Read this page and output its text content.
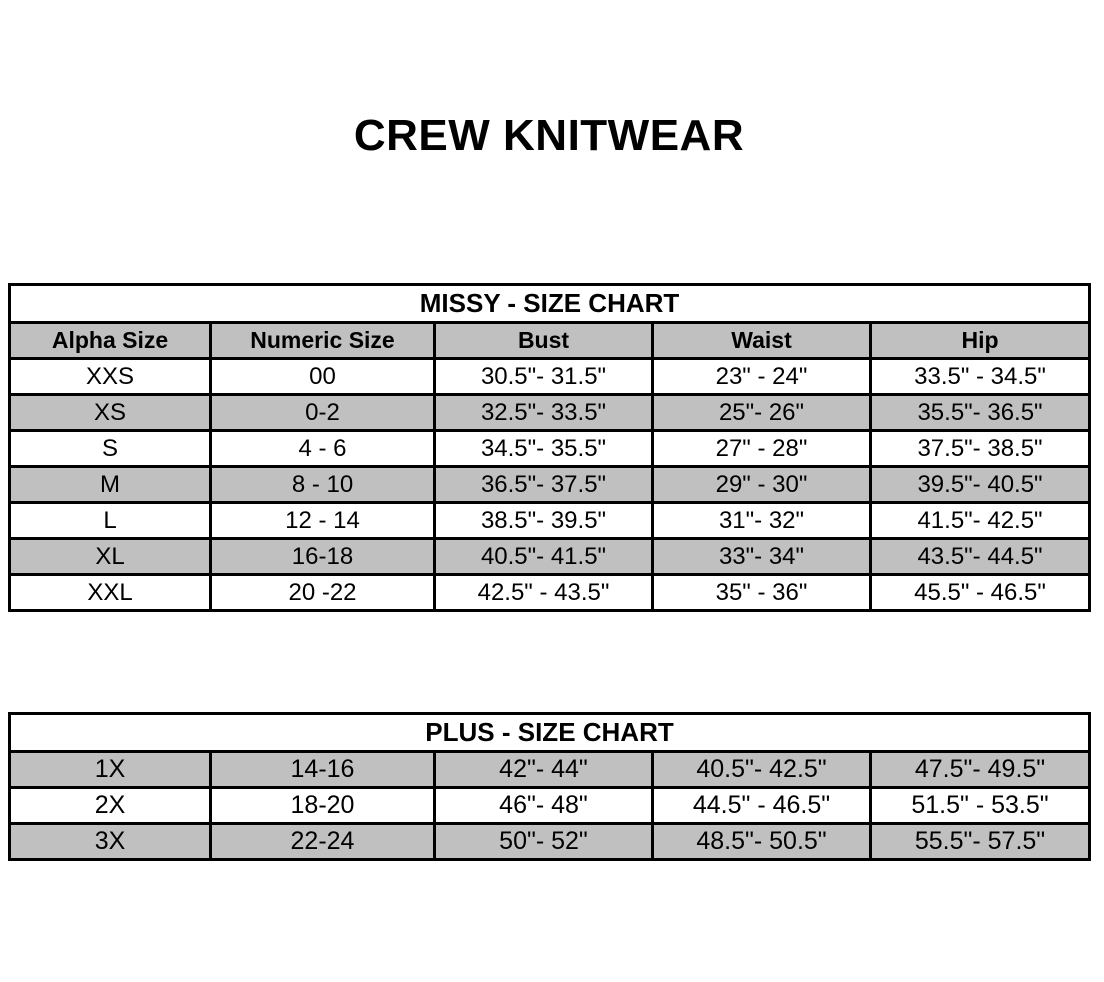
CREW KNITWEAR
MISSY - SIZE CHART				
Alpha Size	Numeric Size	Bust	Waist	Hip
XXS	00	30.5"- 31.5"	23" - 24"	33.5" - 34.5"
XS	0-2	32.5"- 33.5"	25"- 26"	35.5"- 36.5"
S	4 - 6	34.5"- 35.5"	27" - 28"	37.5"- 38.5"
M	8 - 10	36.5"- 37.5"	29" - 30"	39.5"- 40.5"
L	12 - 14	38.5"- 39.5"	31"- 32"	41.5"- 42.5"
XL	16-18	40.5"- 41.5"	33"- 34"	43.5"- 44.5"
XXL	20 -22	42.5" - 43.5"	35" - 36"	45.5" - 46.5"
PLUS - SIZE CHART				
1X	14-16	42"- 44"	40.5"- 42.5"	47.5"- 49.5"
2X	18-20	46"- 48"	44.5" - 46.5"	51.5" - 53.5"
3X	22-24	50"- 52"	48.5"- 50.5"	55.5"- 57.5"
